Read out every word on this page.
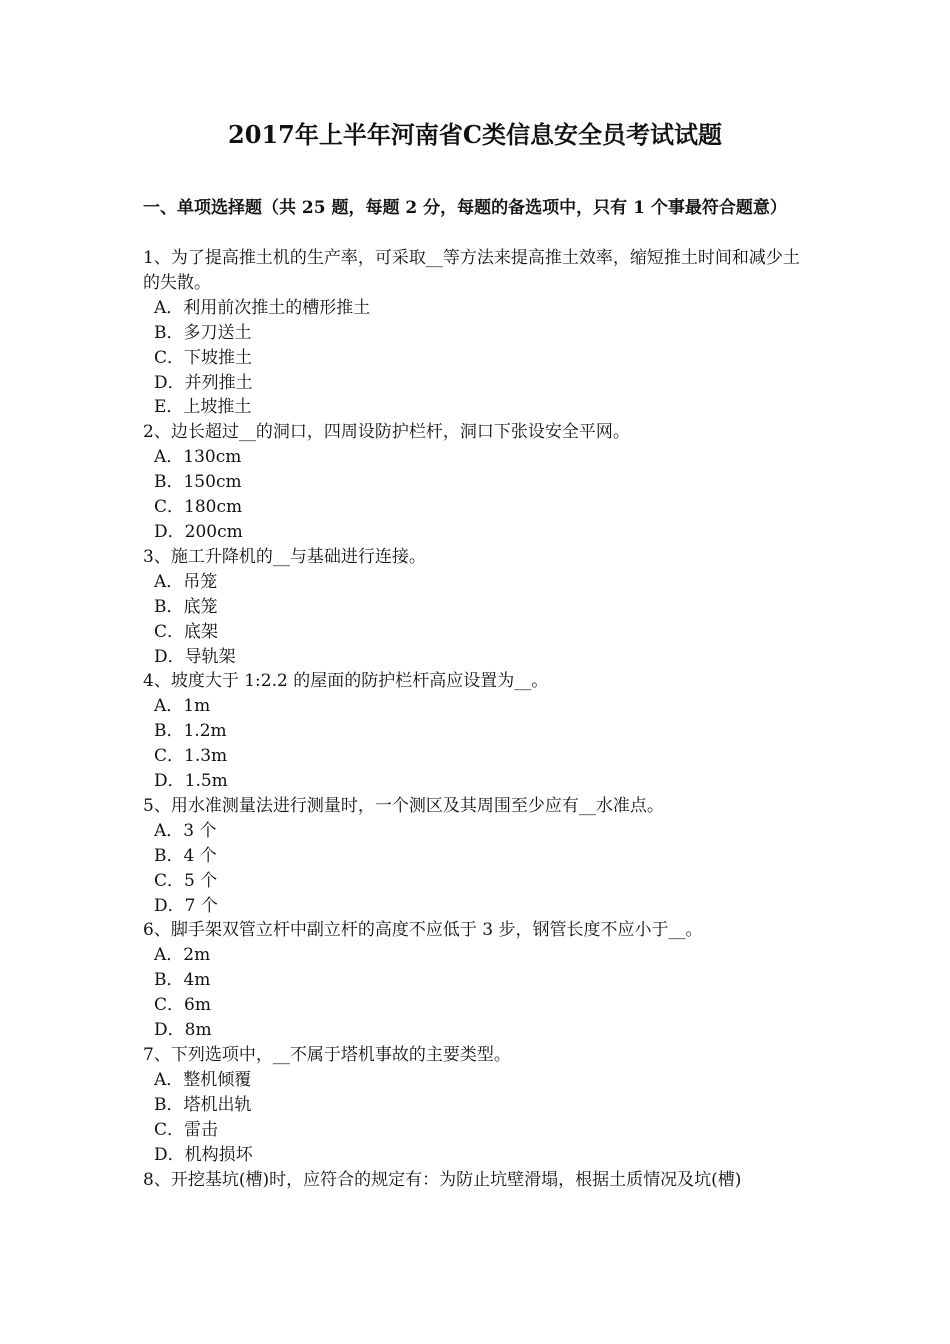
2017年上半年河南省C类信息安全员考试试题
一、单项选择题（共 25 题，每题 2 分，每题的备选项中，只有 1 个事最符合题意）
1、为了提高推土机的生产率，可采取__等方法来提高推土效率，缩短推土时间和减少土的失散。
A．利用前次推土的槽形推土
B．多刀送土
C．下坡推土
D．并列推土
E．上坡推土
2、边长超过__的洞口，四周设防护栏杆，洞口下张设安全平网。
A．130cm
B．150cm
C．180cm
D．200cm
3、施工升降机的__与基础进行连接。
A．吊笼
B．底笼
C．底架
D．导轨架
4、坡度大于 1:2.2 的屋面的防护栏杆高应设置为__。
A．1m
B．1.2m
C．1.3m
D．1.5m
5、用水准测量法进行测量时，一个测区及其周围至少应有__水准点。
A．3 个
B．4 个
C．5 个
D．7 个
6、脚手架双管立杆中副立杆的高度不应低于 3 步，钢管长度不应小于__。
A．2m
B．4m
C．6m
D．8m
7、下列选项中，__不属于塔机事故的主要类型。
A．整机倾覆
B．塔机出轨
C．雷击
D．机构损坏
8、开挖基坑(槽)时，应符合的规定有：为防止坑壁滑塌，根据土质情况及坑(槽)
